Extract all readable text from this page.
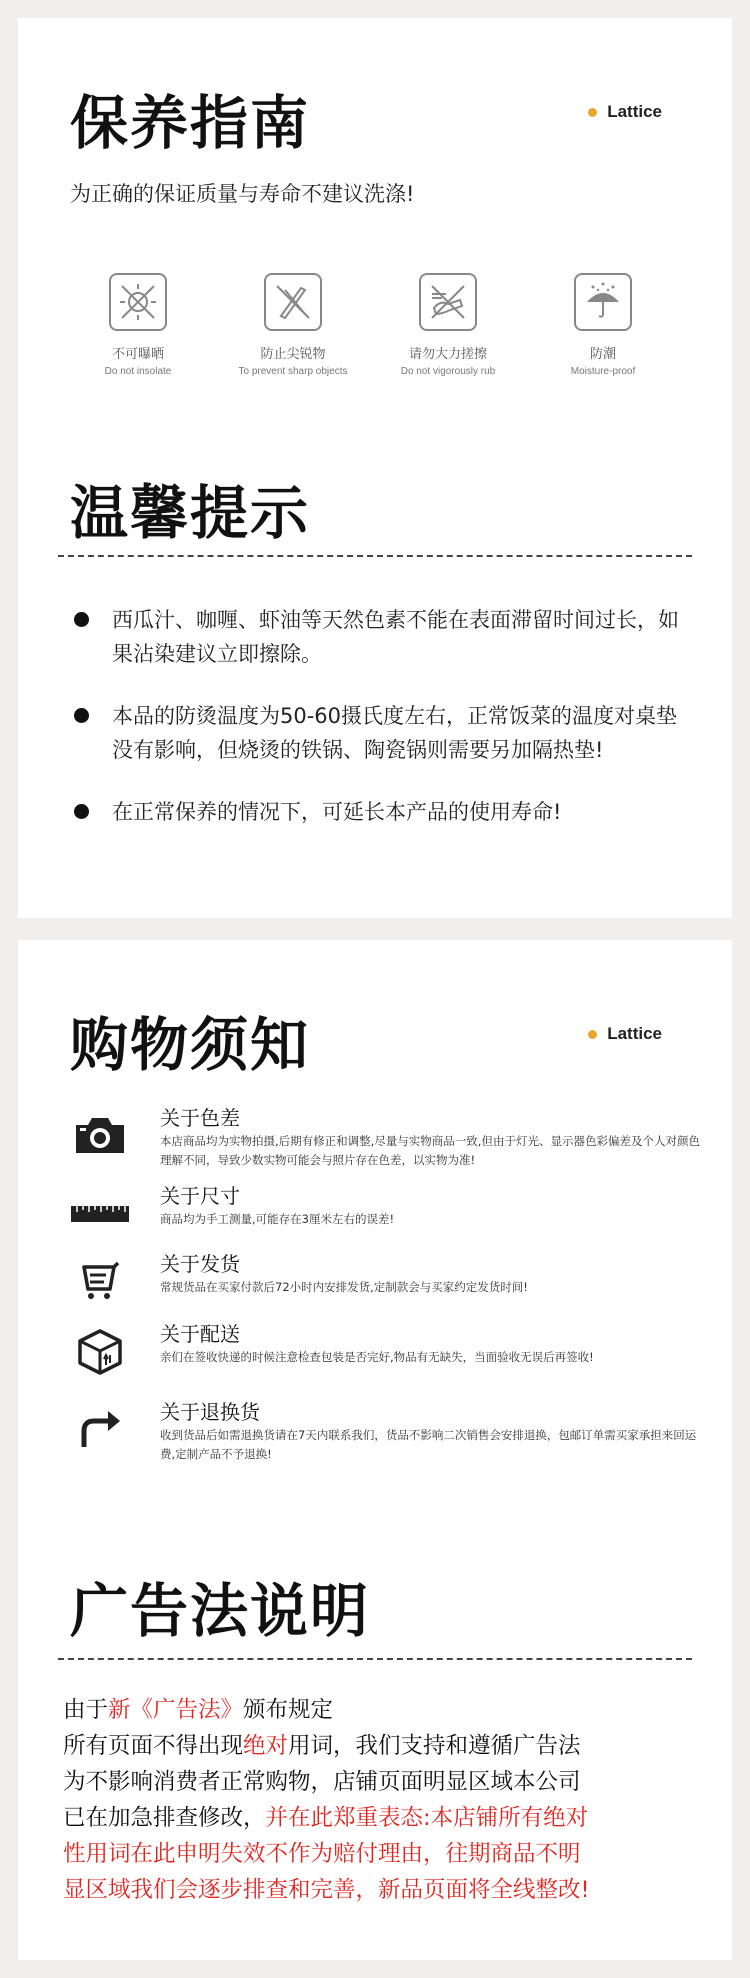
保养指南	Lattice
为正确的保证质量与寿命不建议洗涤!
不可曝晒
Do not insolate
防止尖锐物
To prevent sharp objects
请勿大力搓擦
Do not vigorously rub
防潮
Moisture-proof
温馨提示
西瓜汁、咖喱、虾油等天然色素不能在表面滞留时间过长，如果沾染建议立即擦除。
本品的防烫温度为50-60摄氏度左右，正常饭菜的温度对桌垫没有影响，但烧烫的铁锅、陶瓷锅则需要另加隔热垫!
在正常保养的情况下，可延长本产品的使用寿命!
购物须知	Lattice
关于色差
本店商品均为实物拍摄,后期有修正和调整,尽量与实物商品一致,但由于灯光、显示器色彩偏差及个人对颜色理解不同，导致少数实物可能会与照片存在色差，以实物为准!
关于尺寸
商品均为手工测量,可能存在3厘米左右的误差!
关于发货
常规货品在买家付款后72小时内安排发货,定制款会与买家约定发货时间!
关于配送
亲们在签收快递的时候注意检查包装是否完好,物品有无缺失，当面验收无误后再签收!
关于退换货
收到货品后如需退换货请在7天内联系我们，货品不影响二次销售会安排退换，包邮订单需买家承担来回运费,定制产品不予退换!
广告法说明
由于新《广告法》颁布规定
所有页面不得出现绝对用词，我们支持和遵循广告法
为不影响消费者正常购物，店铺页面明显区域本公司
已在加急排查修改，并在此郑重表态:本店铺所有绝对
性用词在此申明失效不作为赔付理由，往期商品不明
显区域我们会逐步排查和完善，新品页面将全线整改!
